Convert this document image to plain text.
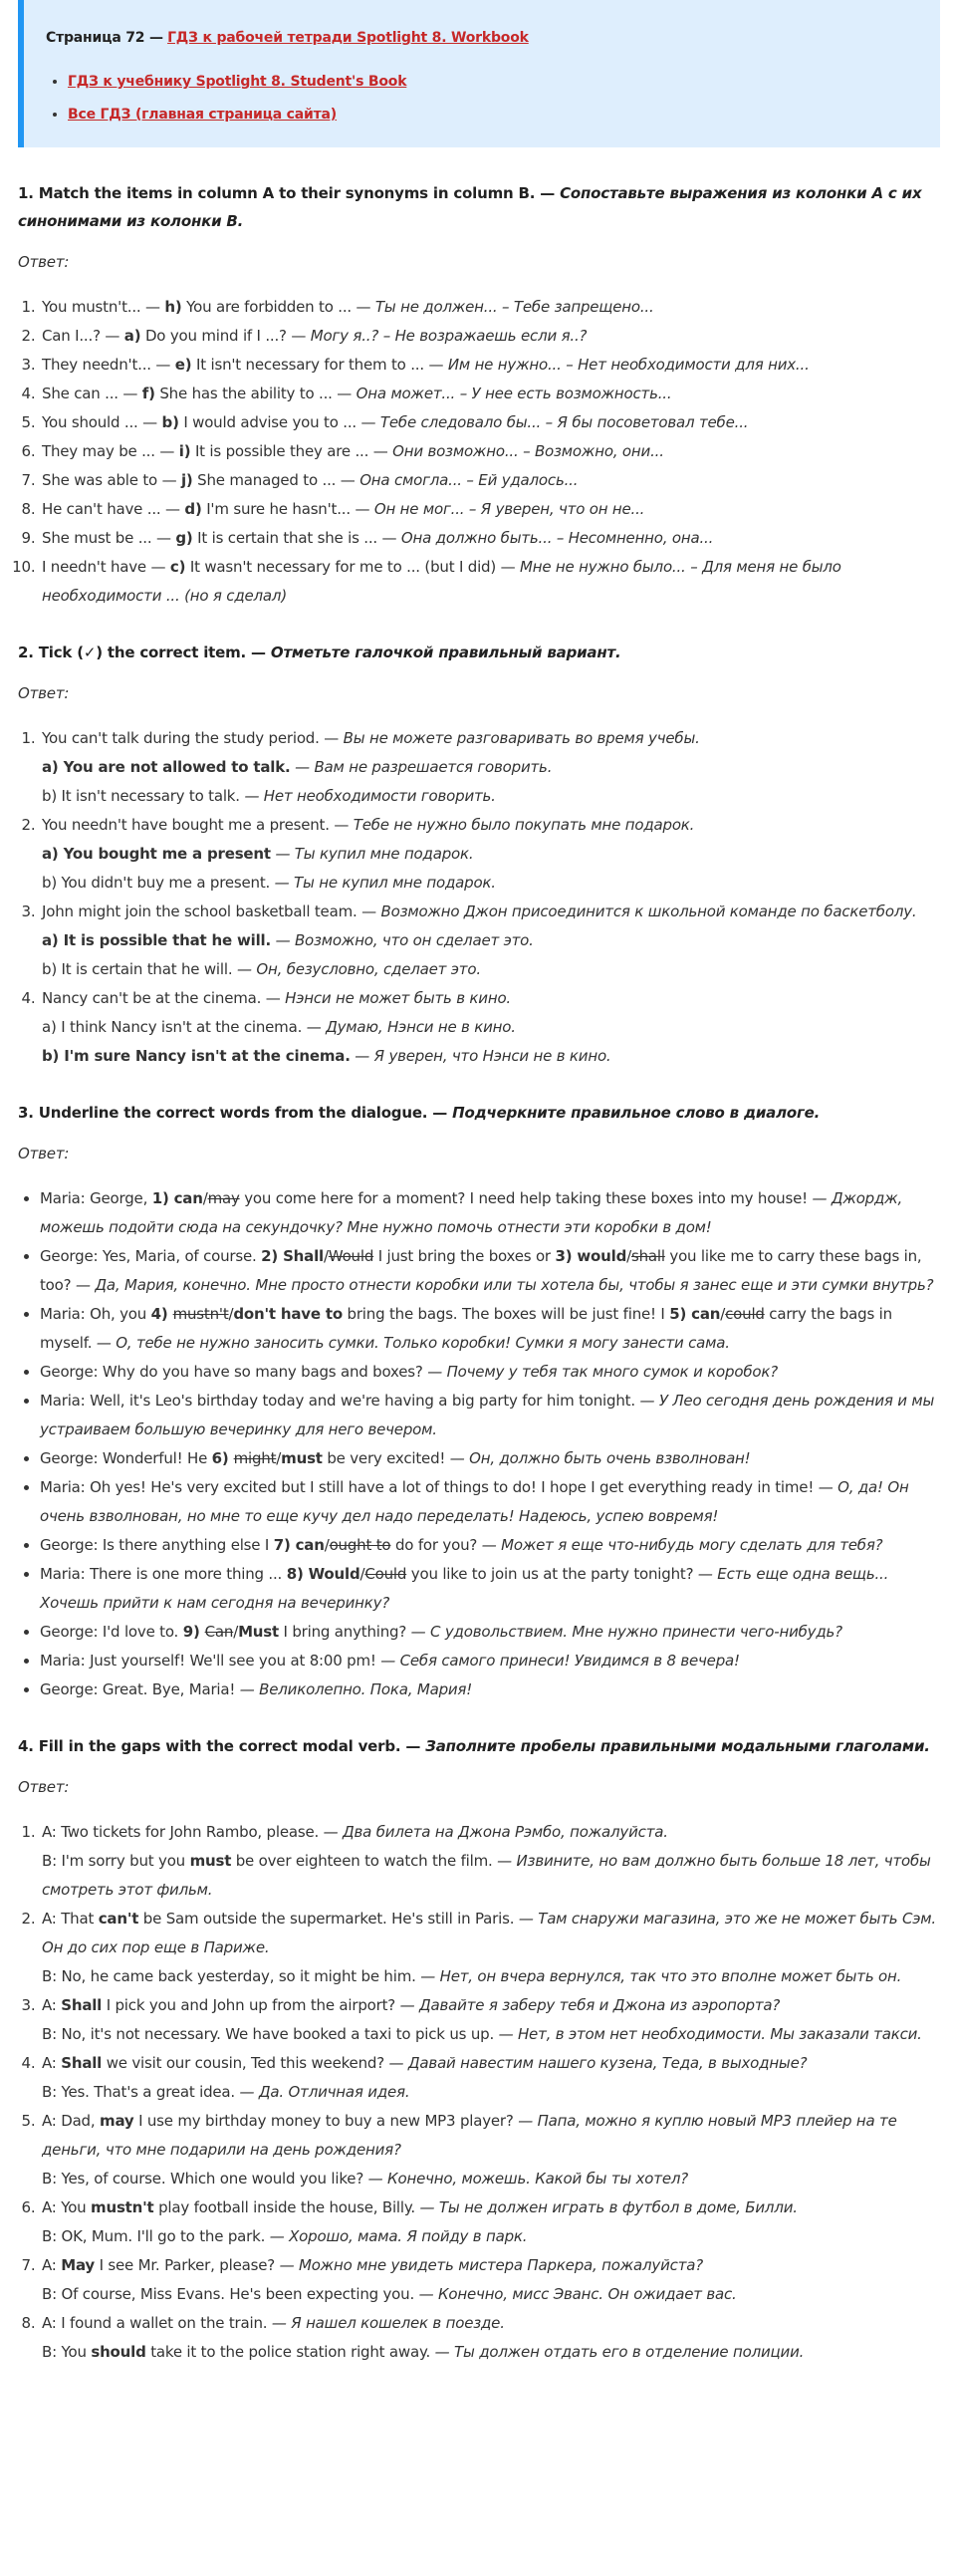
Страница 72 — ГДЗ к рабочей тетради Spotlight 8. Workbook
• ГДЗ к учебнику Spotlight 8. Student's Book
• Все ГДЗ (главная страница сайта)
1. Match the items in column A to their synonyms in column B. — Сопоставьте выражения из колонки А с их синонимами из колонки B.
Ответ:
1. You mustn't... — h) You are forbidden to ... — Ты не должен... – Тебе запрещено...
2. Can I...? — a) Do you mind if I ...? — Могу я..? – Не возражаешь если я..?
3. They needn't... — e) It isn't necessary for them to ... — Им не нужно... – Нет необходимости для них...
4. She can ... — f) She has the ability to ... — Она может... – У нее есть возможность...
5. You should ... — b) I would advise you to ... — Тебе следовало бы... – Я бы посоветовал тебе...
6. They may be ... — i) It is possible they are ... — Они возможно... – Возможно, они...
7. She was able to — j) She managed to ... — Она смогла... – Ей удалось...
8. He can't have ... — d) I'm sure he hasn't... — Он не мог... – Я уверен, что он не...
9. She must be ... — g) It is certain that she is ... — Она должно быть... – Несомненно, она...
10. I needn't have — c) It wasn't necessary for me to ... (but I did) — Мне не нужно было... – Для меня не было необходимости ... (но я сделал)
2. Tick (✓) the correct item. — Отметьте галочкой правильный вариант.
Ответ:
1. You can't talk during the study period. — Вы не можете разговаривать во время учебы.
a) You are not allowed to talk. — Вам не разрешается говорить.
b) It isn't necessary to talk. — Нет необходимости говорить.
2. You needn't have bought me a present. — Тебе не нужно было покупать мне подарок.
a) You bought me a present — Ты купил мне подарок.
b) You didn't buy me a present. — Ты не купил мне подарок.
3. John might join the school basketball team. — Возможно Джон присоединится к школьной команде по баскетболу.
a) It is possible that he will. — Возможно, что он сделает это.
b) It is certain that he will. — Он, безусловно, сделает это.
4. Nancy can't be at the cinema. — Нэнси не может быть в кино.
a) I think Nancy isn't at the cinema. — Думаю, Нэнси не в кино.
b) I'm sure Nancy isn't at the cinema. — Я уверен, что Нэнси не в кино.
3. Underline the correct words from the dialogue. — Подчеркните правильное слово в диалоге.
Ответ:
• Maria: George, 1) can/may you come here for a moment? I need help taking these boxes into my house! — Джордж, можешь подойти сюда на секундочку? Мне нужно помочь отнести эти коробки в дом!
• George: Yes, Maria, of course. 2) Shall/Would I just bring the boxes or 3) would/shall you like me to carry these bags in, too? — Да, Мария, конечно. Мне просто отнести коробки или ты хотела бы, чтобы я занес еще и эти сумки внутрь?
• Maria: Oh, you 4) mustn't/don't have to bring the bags. The boxes will be just fine! I 5) can/could carry the bags in myself. — О, тебе не нужно заносить сумки. Только коробки! Сумки я могу занести сама.
• George: Why do you have so many bags and boxes? — Почему у тебя так много сумок и коробок?
• Maria: Well, it's Leo's birthday today and we're having a big party for him tonight. — У Лео сегодня день рождения и мы устраиваем большую вечеринку для него вечером.
• George: Wonderful! He 6) might/must be very excited! — Он, должно быть очень взволнован!
• Maria: Oh yes! He's very excited but I still have a lot of things to do! I hope I get everything ready in time! — О, да! Он очень взволнован, но мне то еще кучу дел надо переделать! Надеюсь, успею вовремя!
• George: Is there anything else I 7) can/ought to do for you? — Может я еще что-нибудь могу сделать для тебя?
• Maria: There is one more thing ... 8) Would/Could you like to join us at the party tonight? — Есть еще одна вещь... Хочешь прийти к нам сегодня на вечеринку?
• George: I'd love to. 9) Can/Must I bring anything? — С удовольствием. Мне нужно принести чего-нибудь?
• Maria: Just yourself! We'll see you at 8:00 pm! — Себя самого принеси! Увидимся в 8 вечера!
• George: Great. Bye, Maria! — Великолепно. Пока, Мария!
4. Fill in the gaps with the correct modal verb. — Заполните пробелы правильными модальными глаголами.
Ответ:
1. A: Two tickets for John Rambo, please. — Два билета на Джона Рэмбо, пожалуйста.
B: I'm sorry but you must be over eighteen to watch the film. — Извините, но вам должно быть больше 18 лет, чтобы смотреть этот фильм.
2. A: That can't be Sam outside the supermarket. He's still in Paris. — Там снаружи магазина, это же не может быть Сэм. Он до сих пор еще в Париже.
B: No, he came back yesterday, so it might be him. — Нет, он вчера вернулся, так что это вполне может быть он.
3. A: Shall I pick you and John up from the airport? — Давайте я заберу тебя и Джона из аэропорта?
B: No, it's not necessary. We have booked a taxi to pick us up. — Нет, в этом нет необходимости. Мы заказали такси.
4. A: Shall we visit our cousin, Ted this weekend? — Давай навестим нашего кузена, Теда, в выходные?
B: Yes. That's a great idea. — Да. Отличная идея.
5. A: Dad, may I use my birthday money to buy a new MP3 player? — Папа, можно я куплю новый MP3 плейер на те деньги, что мне подарили на день рождения?
B: Yes, of course. Which one would you like? — Конечно, можешь. Какой бы ты хотел?
6. A: You mustn't play football inside the house, Billy. — Ты не должен играть в футбол в доме, Билли.
B: OK, Mum. I'll go to the park. — Хорошо, мама. Я пойду в парк.
7. A: May I see Mr. Parker, please? — Можно мне увидеть мистера Паркера, пожалуйста?
B: Of course, Miss Evans. He's been expecting you. — Конечно, мисс Эванс. Он ожидает вас.
8. A: I found a wallet on the train. — Я нашел кошелек в поезде.
B: You should take it to the police station right away. — Ты должен отдать его в отделение полиции.
